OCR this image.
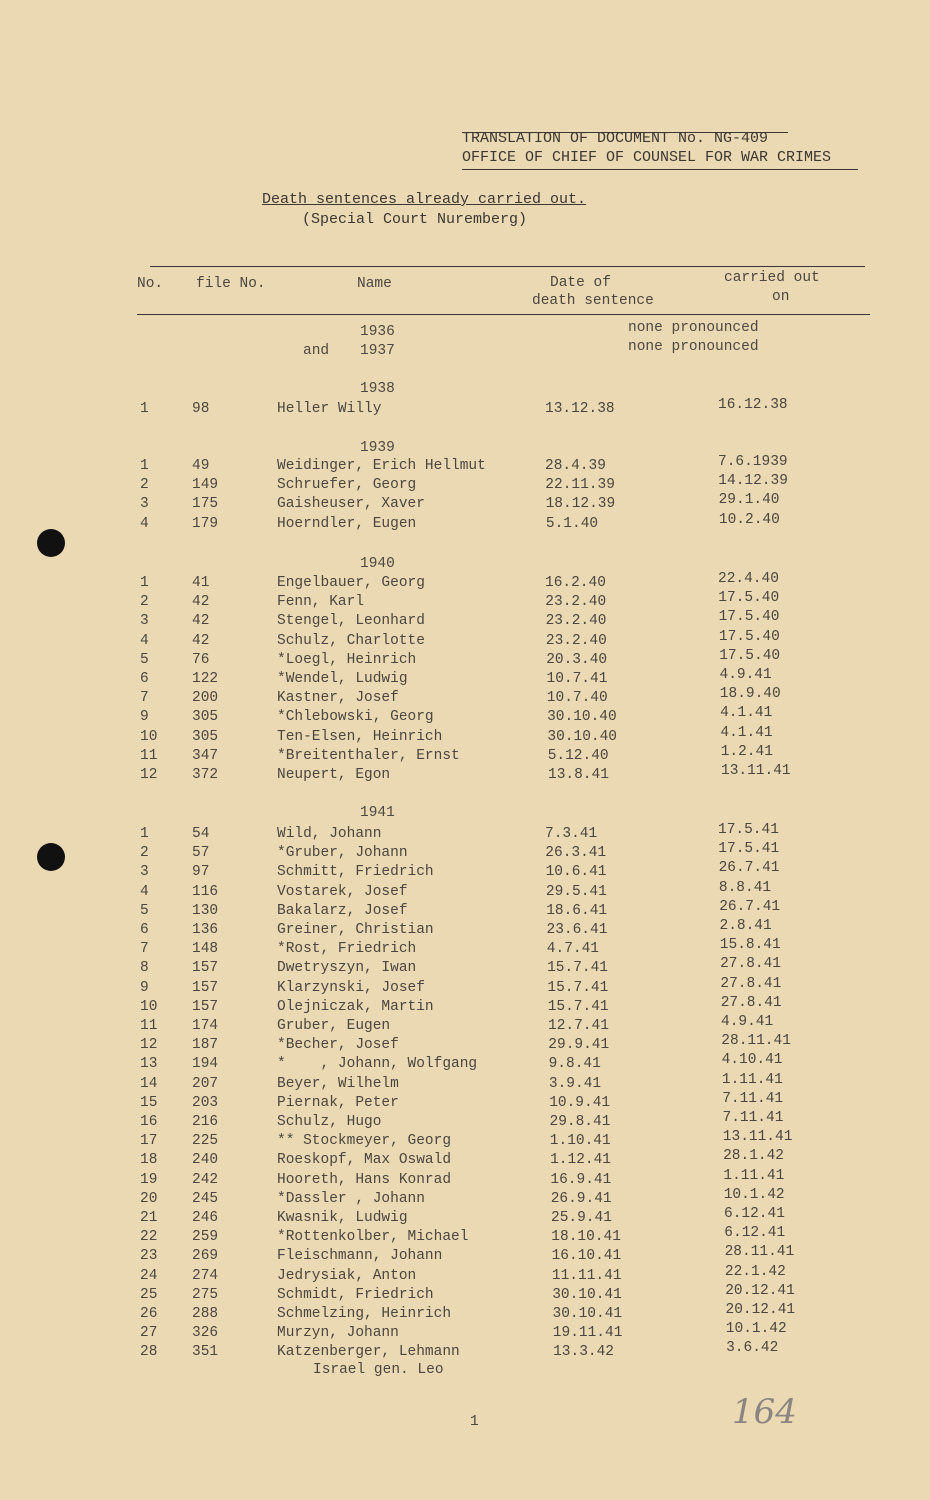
TRANSLATION OF DOCUMENT No. NG-409
OFFICE OF CHIEF OF COUNSEL FOR WAR CRIMES
Death sentences already carried out.
(Special Court Nuremberg)
No. file No.	Name	Date of
death sentence
carried out
on
1936
and 1937
none pronounced
none pronounced
1938
1	98	Heller Willy	13.12.38	16.12.38
1939
1	49	Weidinger, Erich Hellmut	28.4.39	7.6.1939
2	149	Schruefer, Georg	22.11.39	14.12.39
3	175	Gaisheuser, Xaver	18.12.39	29.1.40
4	179	Hoerndler, Eugen	5.1.40	10.2.40
1940
1	41	Engelbauer, Georg	16.2.40	22.4.40
2	42	Fenn, Karl	23.2.40	17.5.40
3	42	Stengel, Leonhard	23.2.40	17.5.40
4	42	Schulz, Charlotte	23.2.40	17.5.40
5	76	*Loegl, Heinrich	20.3.40	17.5.40
6	122	*Wendel, Ludwig	10.7.41	4.9.41
7	200	Kastner, Josef	10.7.40	18.9.40
9	305	*Chlebowski, Georg	30.10.40	4.1.41
10 305	Ten-Elsen, Heinrich	30.10.40	4.1.41
11 347	*Breitenthaler, Ernst	5.12.40	1.2.41
12 372	Neupert, Egon	13.8.41	13.11.41
1941
1	54	Wild, Johann	7.3.41	17.5.41
2	57	*Gruber, Johann	26.3.41	17.5.41
3	97	Schmitt, Friedrich	10.6.41	26.7.41
4	116	Vostarek, Josef	29.5.41	8.8.41
5	130	Bakalarz, Josef	18.6.41	26.7.41
6	136	Greiner, Christian	23.6.41	2.8.41
7	148	*Rost, Friedrich	4.7.41	15.8.41
8	157	Dwetryszyn, Iwan	15.7.41	27.8.41
9	157	Klarzynski, Josef	15.7.41	27.8.41
10 157	Olejniczak, Martin	15.7.41	27.8.41
11 174	Gruber, Eugen	12.7.41	4.9.41
12 187	*Becher, Josef	29.9.41	28.11.41
13 194	*    , Johann, Wolfgang	9.8.41	4.10.41
14 207	Beyer, Wilhelm	3.9.41	1.11.41
15 203	Piernak, Peter	10.9.41	7.11.41
16 216	Schulz, Hugo	29.8.41	7.11.41
17 225	** Stockmeyer, Georg	1.10.41	13.11.41
18 240	Roeskopf, Max Oswald	1.12.41	28.1.42
19 242	Hooreth, Hans Konrad	16.9.41	1.11.41
20 245	*Dassler , Johann	26.9.41	10.1.42
21 246	Kwasnik, Ludwig	25.9.41	6.12.41
22 259	*Rottenkolber, Michael	18.10.41	6.12.41
23 269	Fleischmann, Johann	16.10.41	28.11.41
24 274	Jedrysiak, Anton	11.11.41	22.1.42
25 275	Schmidt, Friedrich	30.10.41	20.12.41
26 288	Schmelzing, Heinrich	30.10.41	20.12.41
27 326	Murzyn, Johann	19.11.41	10.1.42
28 351	Katzenberger, Lehmann	13.3.42	3.6.42
Israel gen. Leo
1	164
